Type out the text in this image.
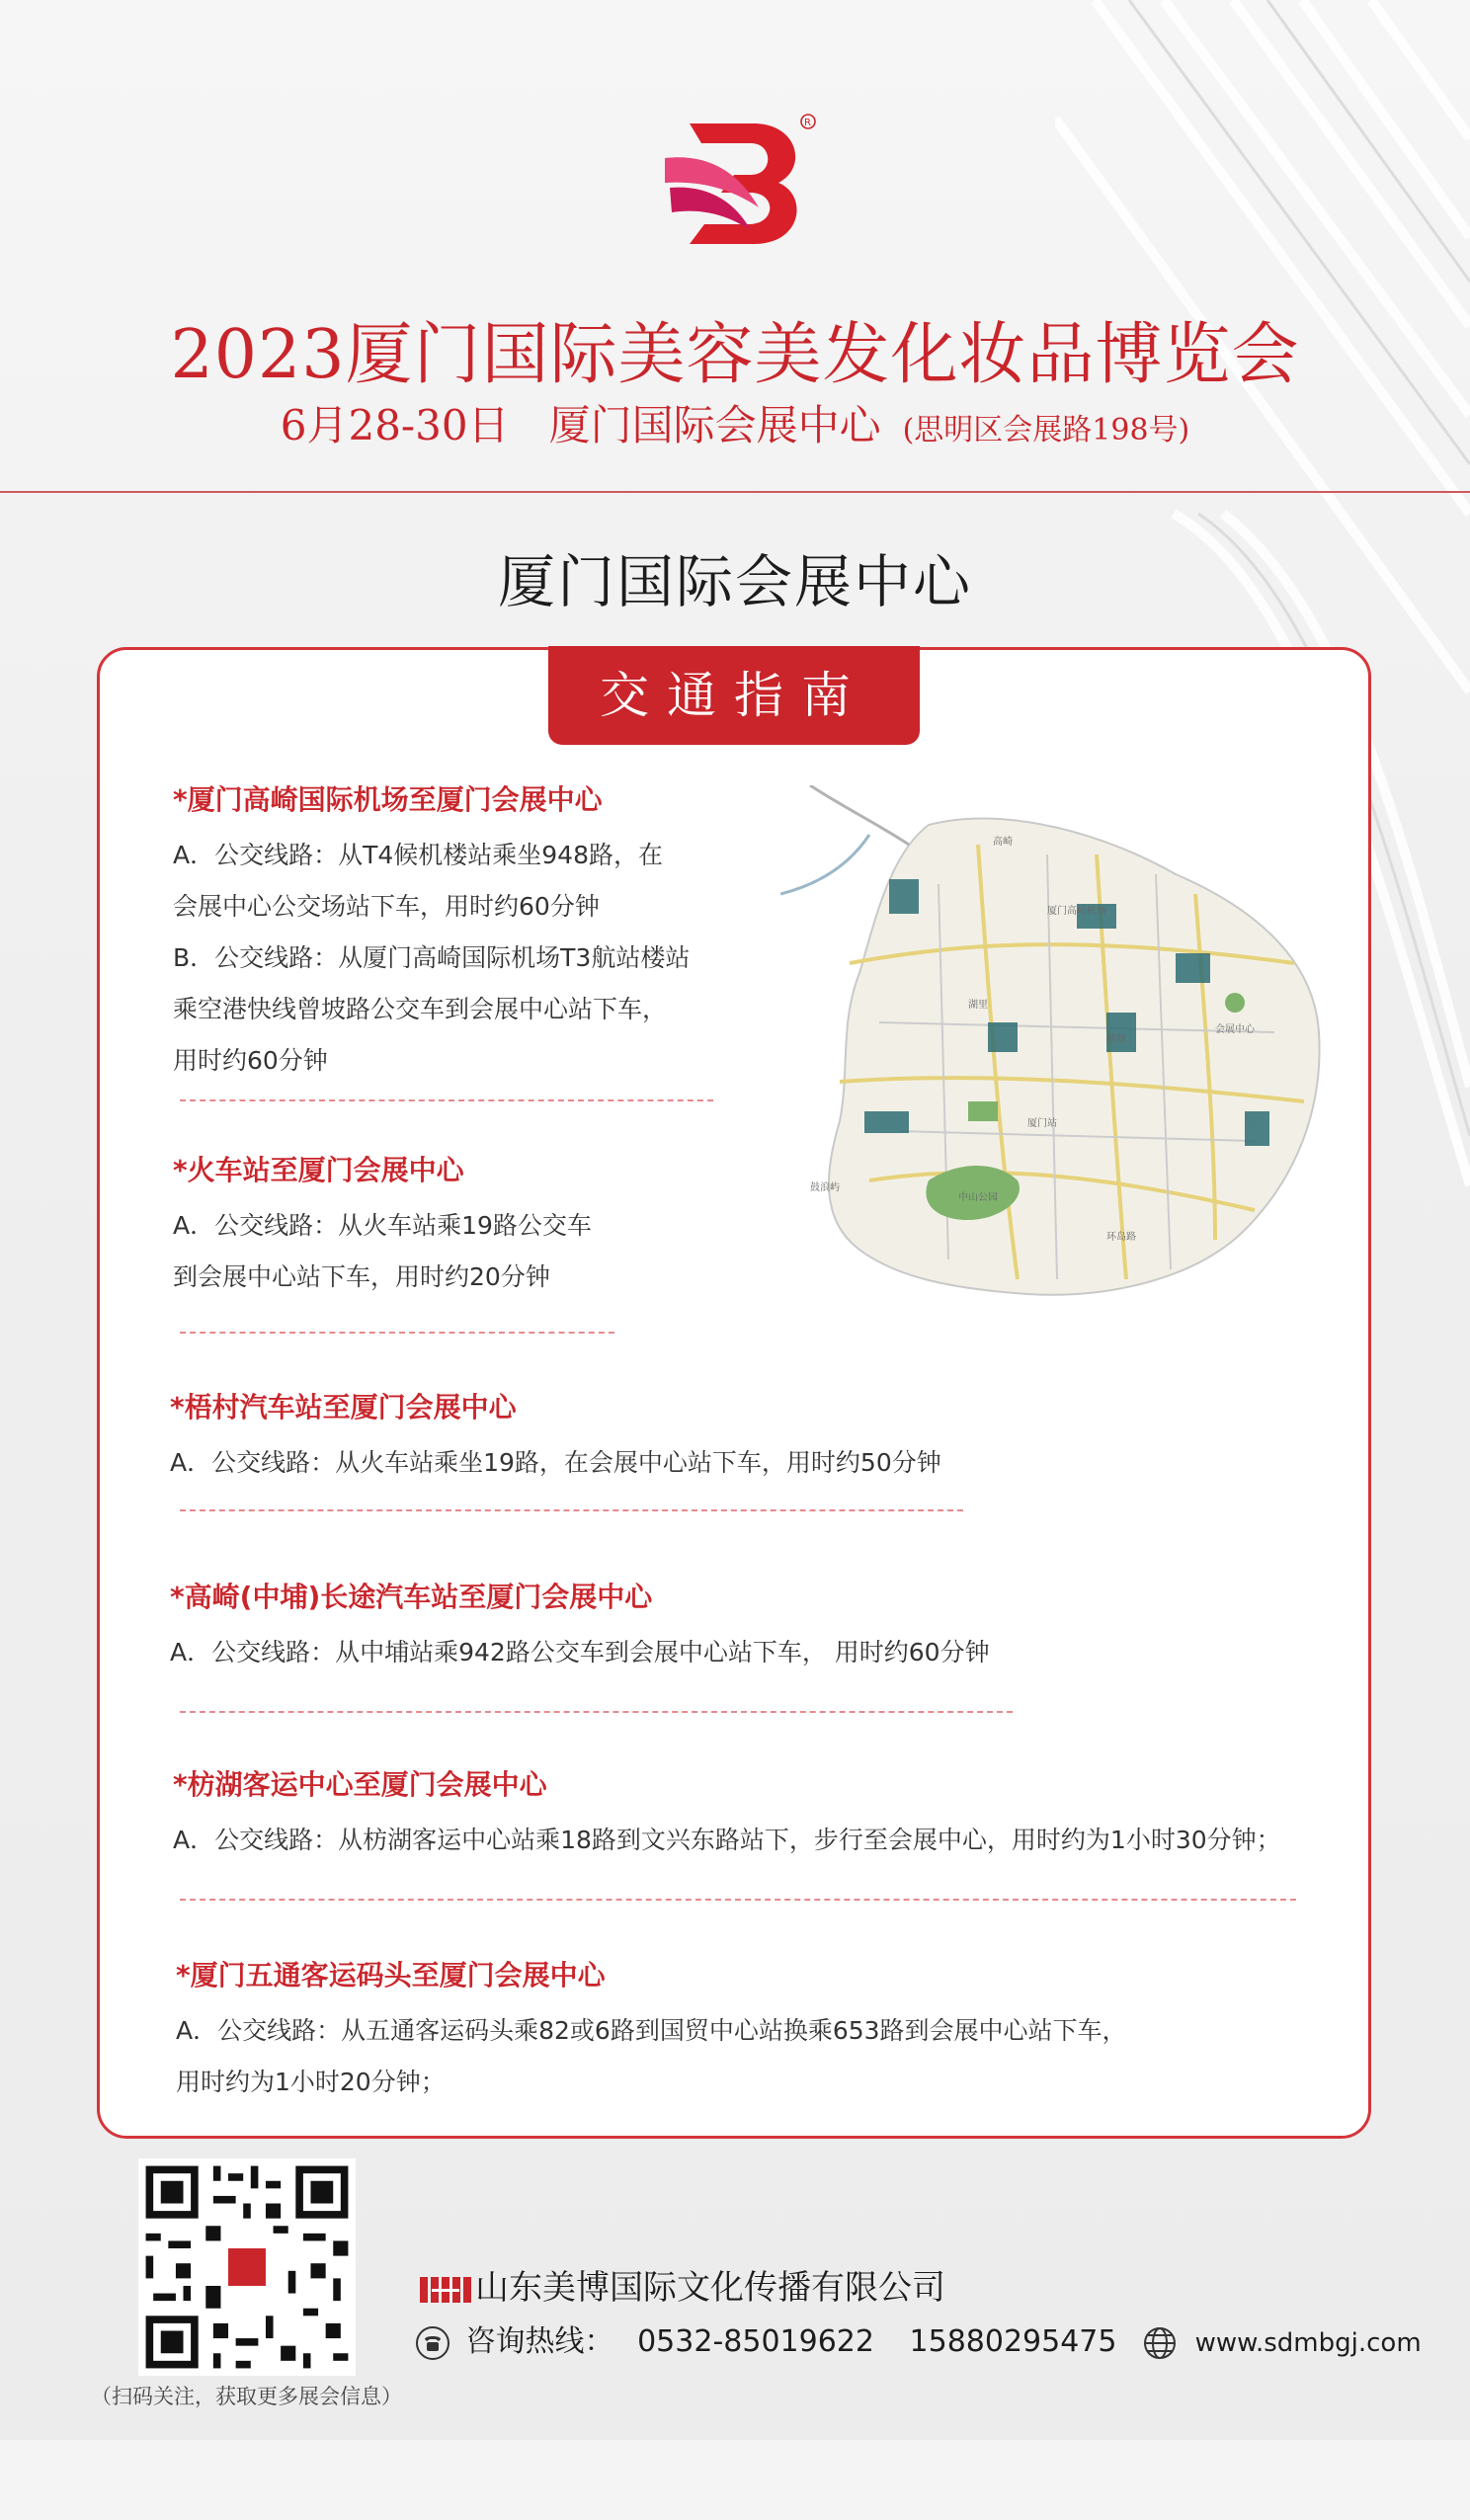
R
2023厦门国际美容美发化妆品博览会
6月28-30日 厦门国际会展中心 (思明区会展路198号)
厦门国际会展中心
交通指南
*厦门高崎国际机场至厦门会展中心
A．公交线路：从T4候机楼站乘坐948路，在
会展中心公交场站下车，用时约60分钟
B．公交线路：从厦门高崎国际机场T3航站楼站
乘空港快线曾坡路公交车到会展中心站下车，
用时约60分钟
*火车站至厦门会展中心
A．公交线路：从火车站乘19路公交车
到会展中心站下车，用时约20分钟
*梧村汽车站至厦门会展中心
A．公交线路：从火车站乘坐19路，在会展中心站下车，用时约50分钟
*高崎(中埔)长途汽车站至厦门会展中心
A．公交线路：从中埔站乘942路公交车到会展中心站下车， 用时约60分钟
*枋湖客运中心至厦门会展中心
A．公交线路：从枋湖客运中心站乘18路到文兴东路站下，步行至会展中心，用时约为1小时30分钟；
*厦门五通客运码头至厦门会展中心
A．公交线路：从五通客运码头乘82或6路到国贸中心站换乘653路到会展中心站下车，
用时约为1小时20分钟；
高崎
厦门高崎机场
湖里
蔡塘
厦门站
会展中心
中山公园
鼓浪屿
环岛路
（扫码关注，获取更多展会信息）
山东美博国际文化传播有限公司
咨询热线： 0532-85019622 15880295475	www.sdmbgj.com
